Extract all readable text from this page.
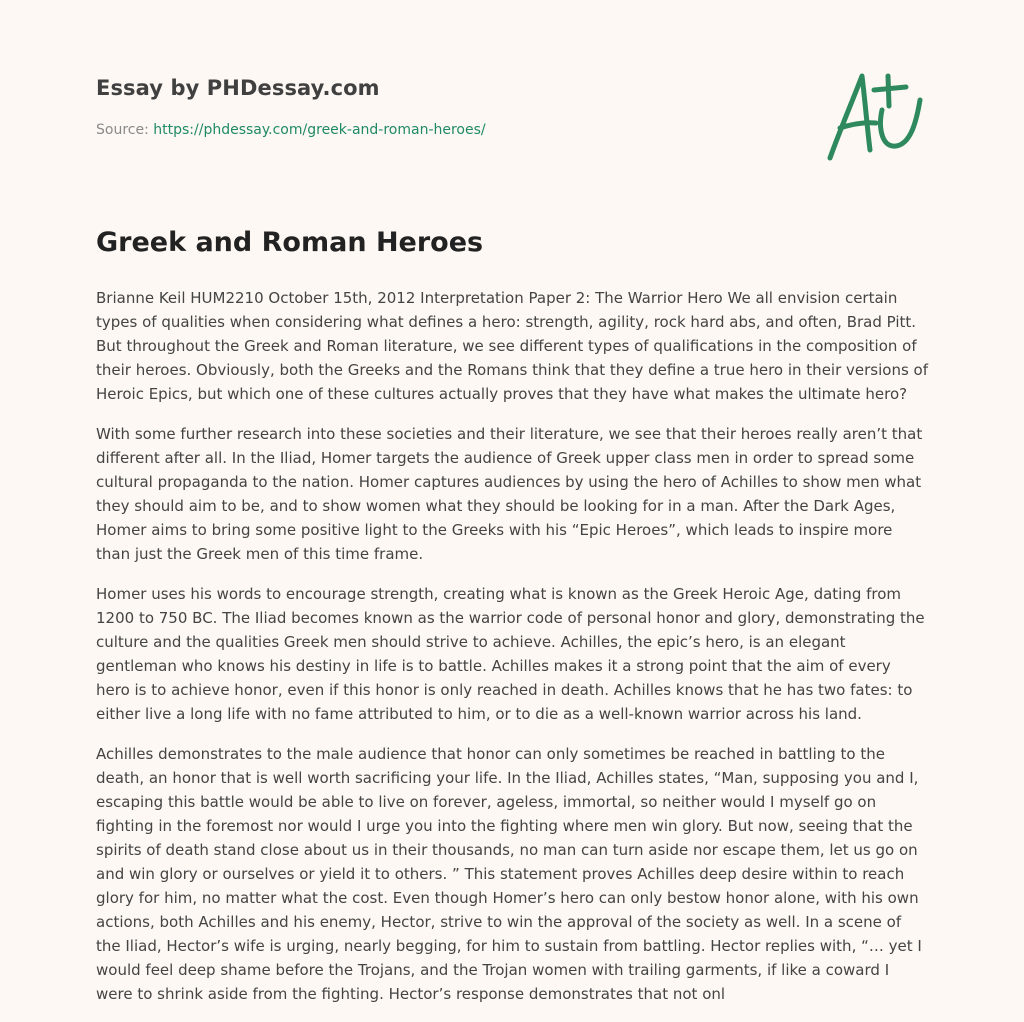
Essay by PHDessay.com
Source: https://phdessay.com/greek-and-roman-heroes/
Greek and Roman Heroes

Brianne Keil HUM2210 October 15th, 2012 Interpretation Paper 2: The Warrior Hero We all envision certain types of qualities when considering what defines a hero: strength, agility, rock hard abs, and often, Brad Pitt. But throughout the Greek and Roman literature, we see different types of qualifications in the composition of their heroes. Obviously, both the Greeks and the Romans think that they define a true hero in their versions of Heroic Epics, but which one of these cultures actually proves that they have what makes the ultimate hero?

With some further research into these societies and their literature, we see that their heroes really aren’t that different after all. In the Iliad, Homer targets the audience of Greek upper class men in order to spread some cultural propaganda to the nation. Homer captures audiences by using the hero of Achilles to show men what they should aim to be, and to show women what they should be looking for in a man. After the Dark Ages, Homer aims to bring some positive light to the Greeks with his “Epic Heroes”, which leads to inspire more than just the Greek men of this time frame.

Homer uses his words to encourage strength, creating what is known as the Greek Heroic Age, dating from 1200 to 750 BC. The Iliad becomes known as the warrior code of personal honor and glory, demonstrating the culture and the qualities Greek men should strive to achieve. Achilles, the epic’s hero, is an elegant gentleman who knows his destiny in life is to battle. Achilles makes it a strong point that the aim of every hero is to achieve honor, even if this honor is only reached in death. Achilles knows that he has two fates: to either live a long life with no fame attributed to him, or to die as a well-known warrior across his land.

Achilles demonstrates to the male audience that honor can only sometimes be reached in battling to the death, an honor that is well worth sacrificing your life. In the Iliad, Achilles states, “Man, supposing you and I, escaping this battle would be able to live on forever, ageless, immortal, so neither would I myself go on fighting in the foremost nor would I urge you into the fighting where men win glory. But now, seeing that the spirits of death stand close about us in their thousands, no man can turn aside nor escape them, let us go on and win glory or ourselves or yield it to others. ” This statement proves Achilles deep desire within to reach glory for him, no matter what the cost. Even though Homer’s hero can only bestow honor alone, with his own actions, both Achilles and his enemy, Hector, strive to win the approval of the society as well. In a scene of the Iliad, Hector’s wife is urging, nearly begging, for him to sustain from battling. Hector replies with, “… yet I would feel deep shame before the Trojans, and the Trojan women with trailing garments, if like a coward I were to shrink aside from the fighting. Hector’s response demonstrates that not onl
